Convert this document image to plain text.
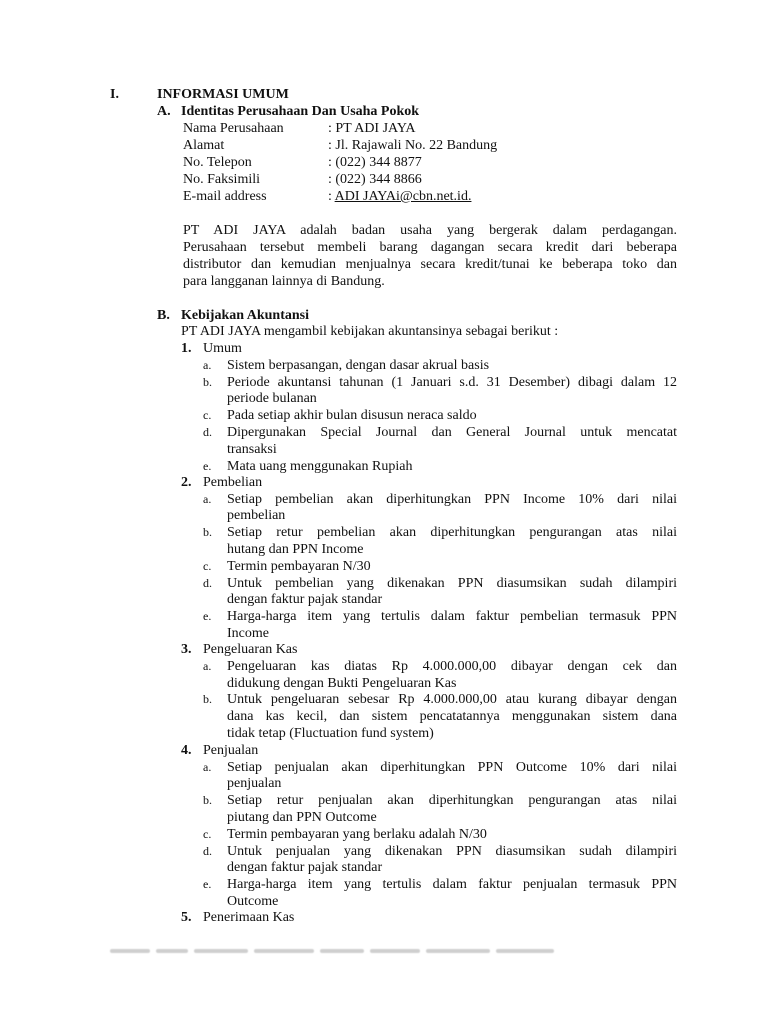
I.	INFORMASI UMUM
A. Identitas Perusahaan Dan Usaha Pokok
Nama Perusahaan	: PT ADI JAYA
Alamat	: Jl. Rajawali No. 22 Bandung
No. Telepon	: (022) 344 8877
No. Faksimili	: (022) 344 8866
E-mail address	: ADI JAYAi@cbn.net.id.
PT ADI JAYA adalah badan usaha yang bergerak dalam perdagangan.
Perusahaan tersebut membeli barang dagangan secara kredit dari beberapa
distributor dan kemudian menjualnya secara kredit/tunai ke beberapa toko dan
para langganan lainnya di Bandung.
B. Kebijakan Akuntansi
PT ADI JAYA mengambil kebijakan akuntansinya sebagai berikut :
1. Umum
a. Sistem berpasangan, dengan dasar akrual basis
b. Periode akuntansi tahunan (1 Januari s.d. 31 Desember) dibagi dalam 12
periode bulanan
c. Pada setiap akhir bulan disusun neraca saldo
d. Dipergunakan Special Journal dan General Journal untuk mencatat
transaksi
e. Mata uang menggunakan Rupiah
2. Pembelian
a. Setiap pembelian akan diperhitungkan PPN Income 10% dari nilai
pembelian
b. Setiap retur pembelian akan diperhitungkan pengurangan atas nilai
hutang dan PPN Income
c. Termin pembayaran N/30
d. Untuk pembelian yang dikenakan PPN diasumsikan sudah dilampiri
dengan faktur pajak standar
e. Harga-harga item yang tertulis dalam faktur pembelian termasuk PPN
Income
3. Pengeluaran Kas
a. Pengeluaran kas diatas Rp 4.000.000,00 dibayar dengan cek dan
didukung dengan Bukti Pengeluaran Kas
b. Untuk pengeluaran sebesar Rp 4.000.000,00 atau kurang dibayar dengan
dana kas kecil, dan sistem pencatatannya menggunakan sistem dana
tidak tetap (Fluctuation fund system)
4. Penjualan
a. Setiap penjualan akan diperhitungkan PPN Outcome 10% dari nilai
penjualan
b. Setiap retur penjualan akan diperhitungkan pengurangan atas nilai
piutang dan PPN Outcome
c. Termin pembayaran yang berlaku adalah N/30
d. Untuk penjualan yang dikenakan PPN diasumsikan sudah dilampiri
dengan faktur pajak standar
e. Harga-harga item yang tertulis dalam faktur penjualan termasuk PPN
Outcome
5. Penerimaan Kas
